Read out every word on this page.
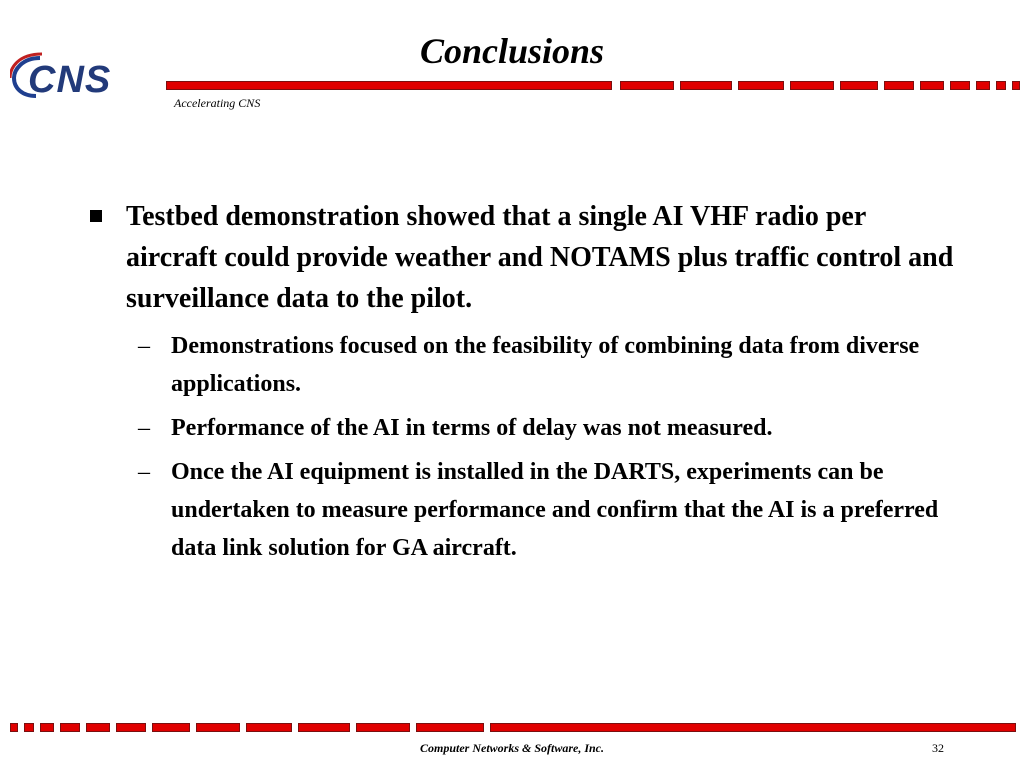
Conclusions
CNS
Accelerating CNS
Testbed demonstration showed that a single AI VHF radio per aircraft could provide weather and NOTAMS plus traffic control and surveillance data to the pilot.
– Demonstrations focused on the feasibility of combining data from diverse applications.
– Performance of the AI in terms of delay was not measured.
– Once the AI equipment is installed in the DARTS, experiments can be undertaken to measure performance and confirm that the AI is a preferred data link solution for GA aircraft.
Computer Networks & Software, Inc.	32
